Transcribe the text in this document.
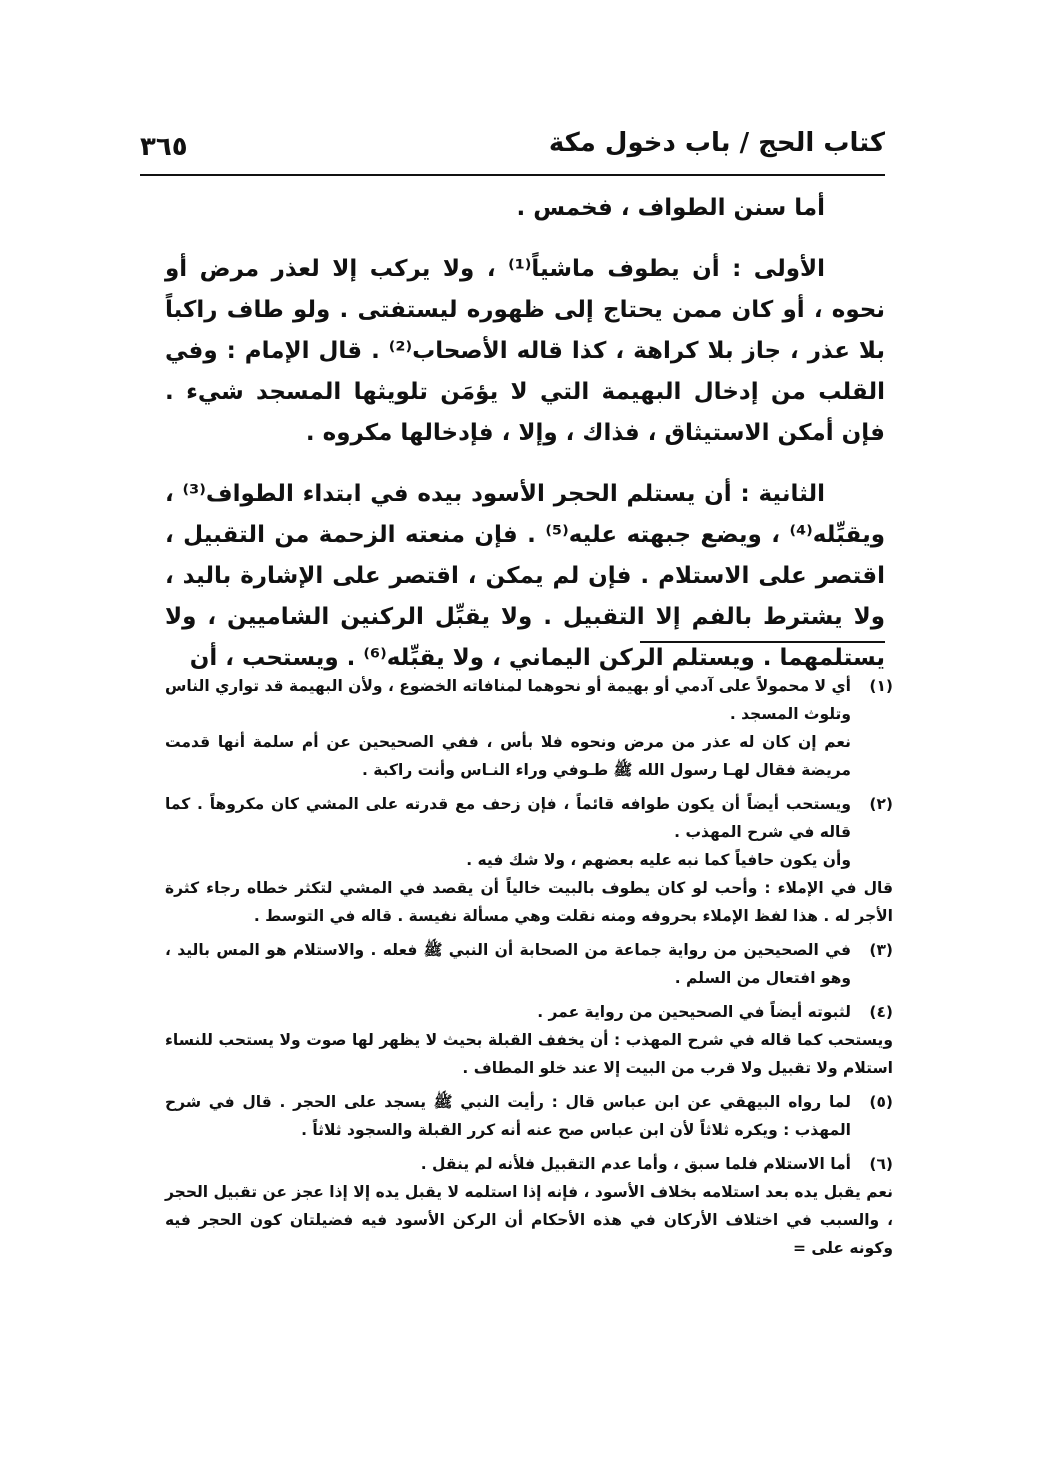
كتاب الحج / باب دخول مكة
٣٦٥

أما سنن الطواف ، فخمس .

الأولى : أن يطوف ماشياً⁽¹⁾ ، ولا يركب إلا لعذر مرض أو نحوه ، أو كان ممن يحتاج إلى ظهوره ليستفتى . ولو طاف راكباً بلا عذر ، جاز بلا كراهة ، كذا قاله الأصحاب⁽²⁾ . قال الإمام : وفي القلب من إدخال البهيمة التي لا يؤمَن تلويثها المسجد شيء . فإن أمكن الاستيثاق ، فذاك ، وإلا ، فإدخالها مكروه .

الثانية : أن يستلم الحجر الأسود بيده في ابتداء الطواف⁽³⁾ ، ويقبِّله⁽⁴⁾ ، ويضع جبهته عليه⁽⁵⁾ . فإن منعته الزحمة من التقبيل ، اقتصر على الاستلام . فإن لم يمكن ، اقتصر على الإشارة باليد ، ولا يشترط بالفم إلا التقبيل . ولا يقبِّل الركنين الشاميين ، ولا يستلمهما . ويستلم الركن اليماني ، ولا يقبِّله⁽⁶⁾ . ويستحب ، أن

(١)
أي لا محمولاً على آدمي أو بهيمة أو نحوهما لمنافاته الخضوع ، ولأن البهيمة قد تواري الناس وتلوث المسجد .
نعم إن كان له عذر من مرض ونحوه فلا بأس ، ففي الصحيحين عن أم سلمة أنها قدمت مريضة فقال لهـا رسول الله ﷺ طـوفي وراء النـاس وأنت راكبة .
(٢)
ويستحب أيضاً أن يكون طوافه قائماً ، فإن زحف مع قدرته على المشي كان مكروهاً . كما قاله في شرح المهذب .
وأن يكون حافياً كما نبه عليه بعضهم ، ولا شك فيه .
قال في الإملاء : وأحب لو كان يطوف بالبيت خالياً أن يقصد في المشي لتكثر خطاه رجاء كثرة الأجر له . هذا لفظ الإملاء بحروفه ومنه نقلت وهي مسألة نفيسة . قاله في التوسط .
(٣)
في الصحيحين من رواية جماعة من الصحابة أن النبي ﷺ فعله . والاستلام هو المس باليد ، وهو افتعال من السلم .
(٤)
لثبوته أيضاً في الصحيحين من رواية عمر .
ويستحب كما قاله في شرح المهذب : أن يخفف القبلة بحيث لا يظهر لها صوت ولا يستحب للنساء استلام ولا تقبيل ولا قرب من البيت إلا عند خلو المطاف .
(٥)
لما رواه البيهقي عن ابن عباس قال : رأيت النبي ﷺ يسجد على الحجر . قال في شرح المهذب : ويكره ثلاثاً لأن ابن عباس صح عنه أنه كرر القبلة والسجود ثلاثاً .
(٦)
أما الاستلام فلما سبق ، وأما عدم التقبيل فلأنه لم ينقل .
نعم يقبل يده بعد استلامه بخلاف الأسود ، فإنه إذا استلمه لا يقبل يده إلا إذا عجز عن تقبيل الحجر ، والسبب في اختلاف الأركان في هذه الأحكام أن الركن الأسود فيه فضيلتان كون الحجر فيه وكونه على =
